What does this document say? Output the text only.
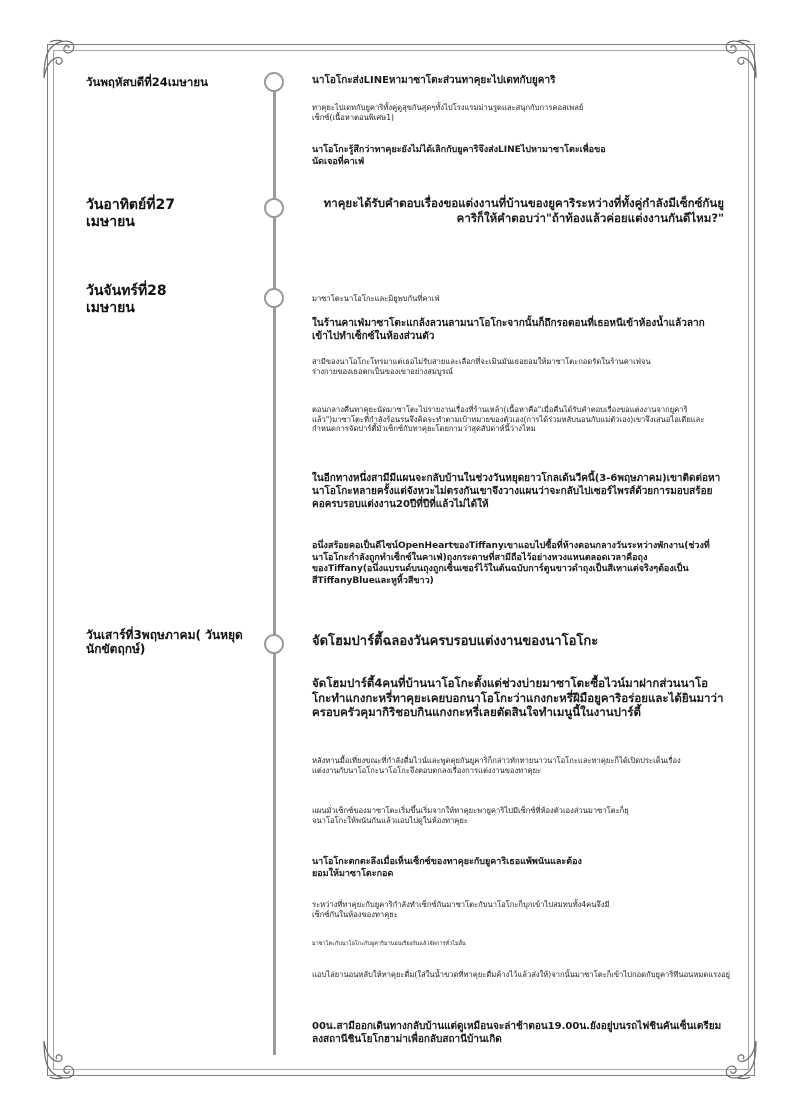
วันพฤหัสบดีที่24เมษายน
วันอาทิตย์ที่27 เมษายน
วันจันทร์ที่28 เมษายน
วันเสาร์ที่3พฤษภาคม( วันหยุดนักขัตฤกษ์)

นาโอโกะส่งLINEหามาซาโตะส่วนทาคุยะไปเดทกับยูคาริ

ทาคุยะไปเดทกับยูคาริทั้งคู่ดูสุขกันสุดๆทั้งไปโรงแรมม่านรูดและสนุกกับการคอสเพลย์เซ็กซ์(เนื้อหาตอนพิเศษ1)

นาโอโกะรู้สึกว่าทาคุยะยังไม่ได้เลิกกับยูคาริจึงส่งLINEไปหามาซาโตะเพื่อขอนัดเจอที่คาเฟ่

ทาคุยะได้รับคำตอบเรื่องขอแต่งงานที่บ้านของยูคาริระหว่างที่ทั้งคู่กำลังมีเซ็กซ์กันยูคาริก็ให้คำตอบว่า"ถ้าท้องแล้วค่อยแต่งงานกันดีไหม?"

มาซาโตะนาโอโกะและมิยูพบกันที่คาเฟ่

ในร้านคาเฟ่มาซาโตะแกล้งลวนลามนาโอโกะจากนั้นก็ถึกรอตอนที่เธอหนีเข้าห้องน้ำแล้วลากเข้าไปทำเซ็กซ์ในห้องส่วนตัว

สามีของนาโอโกะโทรมาแต่เธอไม่รับสายและเลือกที่จะเมินมันเธอยอมให้มาซาโตะกอดรัดในร้านคาเฟ่จนร่างกายของเธอตกเป็นของเขาอย่างสมบูรณ์

ตอนกลางคืนทาคุยะนัดมาซาโตะไปรายงานเรื่องที่ร้านเหล้า(เนื้อหาคือ"เมื่อคืนได้รับคำตอบเรื่องขอแต่งงานจากยูคาริแล้ว")มาซาโตะที่กำลังร้อนรนจึงคิดจะทำตามเป้าหมายของตัวเอง(การได้ร่วมหลับนอนกับแม่ตัวเอง)เขาจึงเสนอไอเดียและกำหนดการจัดปาร์ตี้มั่วเซ็กซ์กับทาคุยะโดยกามว่าสุดสัปดาห์นี้ว่างไหม

ในอีกทางหนึ่งสามีมีแผนจะกลับบ้านในช่วงวันหยุดยาวโกลเด้นวีคนี้(3-6พฤษภาคม)เขาติดต่อหานาโอโกะหลายครั้งแต่จังหวะไม่ตรงกันเขาจึงวางแผนว่าจะกลับไปเซอร์ไพรส์ด้วยการมอบสร้อยคอครบรอบแต่งงาน20ปีที่ปีที่แล้วไม่ได้ให้

อนึ่งสร้อยคอเป็นดีไซน์OpenHeartของTiffanyเขาแอบไปซื้อที่ห้างตอนกลางวันระหว่างพักงาน(ช่วงที่นาโอโกะกำลังถูกทำเซ็กซ์ในคาเฟ่)ถุงกระดาษที่สามีถือไว้อย่างหวงแหนตลอดเวลาคือถุงของTiffany(อนึ่งแบรนด์บนถุงถูกเซ็นเซอร์ไว้ในต้นฉบับการ์ตูนขาวดำถุงเป็นสีเทาแต่จริงๆต้องเป็นสีTiffanyBlueและหูหิ้วสีขาว)

จัดโฮมปาร์ตี้ฉลองวันครบรอบแต่งงานของนาโอโกะ

จัดโฮมปาร์ตี้4คนที่บ้านนาโอโกะตั้งแต่ช่วงบ่ายมาซาโตะซื้อไวน์มาฝากส่วนนาโอโกะทำแกงกะหรี่ทาคุยะเคยบอกนาโอโกะว่าแกงกะหรี่ฝีมือยูคาริอร่อยและได้ยินมาว่าครอบครัวคุมากิริชอบกินแกงกะหรี่เลยตัดสินใจทำเมนูนี้ในงานปาร์ตี้

หลังทานมื้อเที่ยงขณะที่กำลังดื่มไวน์และพูดคุยกันยูคาริก็กล่าวทักทายนาวนาโอโกะและทาคุยะก็ได้เปิดประเด็นเรื่องแต่งงานกับนาโอโกะนาโอโกะจึงตอบตกลงเรื่องการแต่งงานของทาคุยะ

แผนมั่วเซ็กซ์ของมาซาโตะเริ่มขึ้นเริ่มจากให้ทาคุยะพายูคาริไปมีเซ็กซ์ที่ห้องตัวเองส่วนมาซาโตะก็ยุจนาโอโกะให้พนันกันแล้วแอบไปดูในห้องทาคุยะ

นาโอโกะตกตะลึงเมื่อเห็นเซ็กซ์ของทาคุยะกับยูคาริเธอแพ้พนันและต้องยอมให้มาซาโตะกอด

ระหว่างที่ทาคุยะกับยูคาริกำลังทำเซ็กซ์กันมาซาโตะกับนาโอโกะก็บุกเข้าไปสมทบทั้ง4คนจึงมีเซ็กซ์กันในห้องของทาคุยะ

มาซาโตะกับนาโอโกะกับยูคาริมานอนเรียงกันแล้วจัดการทั่วไม่อั้น

แอบไล่ยานอนหลับให้ทาคุยะดื่ม(ใส่ในน้ำขวดที่ทาคุยะดื่มค้างไว้แล้วส่งให้)จากนั้นมาซาโตะก็เข้าไปกอดกับยูคาริทีนอนหมดแรงอยู่

00น.สามีออกเดินทางกลับบ้านแต่ดูเหมือนจะล่าช้าตอน19.00น.ยังอยู่บนรถไฟชินคันเซ็นเตรียมลงสถานีชินโยโกฮาม่าเพื่อกลับสถานีบ้านเกิด
